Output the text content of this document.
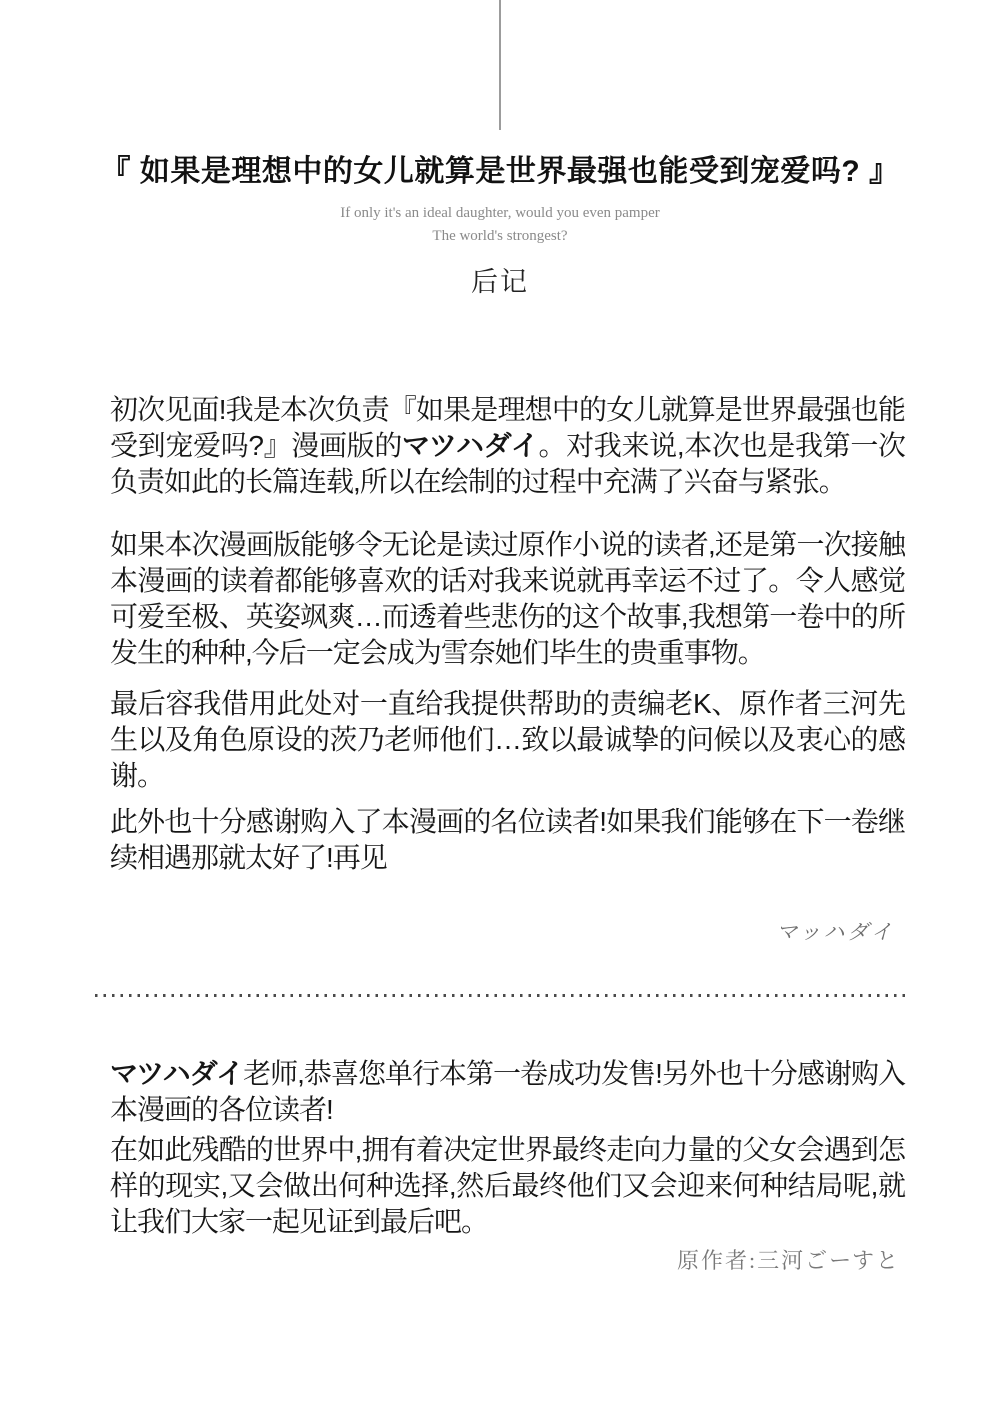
『 如果是理想中的女儿就算是世界最强也能受到宠爱吗? 』
If only it's an ideal daughter, would you even pamper
The world's strongest?
后记

初次见面!我是本次负责『如果是理想中的女儿就算是世界最强也能受到宠爱吗?』漫画版的マツハダイ。对我来说,本次也是我第一次负责如此的长篇连载,所以在绘制的过程中充满了兴奋与紧张。

如果本次漫画版能够令无论是读过原作小说的读者,还是第一次接触本漫画的读着都能够喜欢的话对我来说就再幸运不过了。令人感觉可爱至极、英姿飒爽…而透着些悲伤的这个故事,我想第一卷中的所发生的种种,今后一定会成为雪奈她们毕生的贵重事物。

最后容我借用此处对一直给我提供帮助的责编老K、原作者三河先生以及角色原设的茨乃老师他们…致以最诚挚的问候以及衷心的感谢。

此外也十分感谢购入了本漫画的名位读者!如果我们能够在下一卷继续相遇那就太好了!再见

マッハダイ

マツハダイ老师,恭喜您单行本第一卷成功发售!另外也十分感谢购入本漫画的各位读者!

在如此残酷的世界中,拥有着决定世界最终走向力量的父女会遇到怎样的现实,又会做出何种选择,然后最终他们又会迎来何种结局呢,就让我们大家一起见证到最后吧。

原作者:三河ごーすと
